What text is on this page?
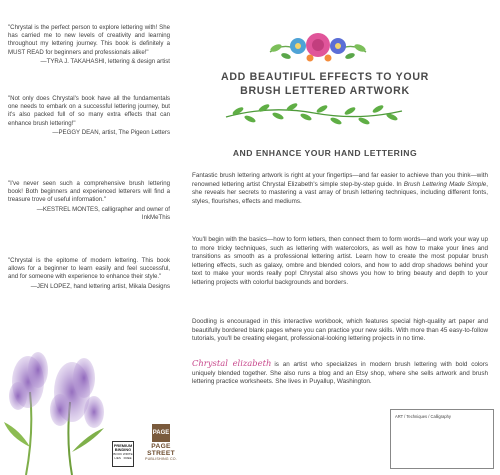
"Chrystal is the perfect person to explore lettering with! She has carried me to new levels of creativity and learning throughout my lettering journey. This book is definitely a MUST READ for beginners and professionals alike!"
—TYRA J. TAKAHASHI, lettering & design artist

"Not only does Chrystal's book have all the fundamentals one needs to embark on a successful lettering journey, but it's also packed full of so many extra effects that can enhance brush lettering!"
—PEGGY DEAN, artist, The Pigeon Letters

"I've never seen such a comprehensive brush lettering book! Both beginners and experienced letterers will find a treasure trove of useful information."
—KESTREL MONTES, calligrapher and owner of InkMeThis

"Chrystal is the epitome of modern lettering. This book allows for a beginner to learn easily and feel successful, and for someone with experience to enhance their style."
—JEN LOPEZ, hand lettering artist, Mikala Designs

PREMIUM
BINDING
BOOK WRITE
LIES FREE
PAGE
PAGE STREET
PUBLISHING CO.
ADD BEAUTIFUL EFFECTS TO YOUR BRUSH LETTERED ARTWORK
AND ENHANCE YOUR HAND LETTERING

Fantastic brush lettering artwork is right at your fingertips—and far easier to achieve than you think—with renowned lettering artist Chrystal Elizabeth's simple step-by-step guide. In Brush Lettering Made Simple, she reveals her secrets to mastering a vast array of brush lettering techniques, including different fonts, styles, flourishes, effects and mediums.

You'll begin with the basics—how to form letters, then connect them to form words—and work your way up to more tricky techniques, such as lettering with watercolors, as well as how to make your lines and transitions as smooth as a professional lettering artist. Learn how to create the most popular brush lettering effects, such as galaxy, ombre and blended colors, and how to add drop shadows behind your text to make your words really pop! Chrystal also shows you how to bring beauty and depth to your lettering projects with colorful backgrounds and borders.

Doodling is encouraged in this interactive workbook, which features special high-quality art paper and beautifully bordered blank pages where you can practice your new skills. With more than 45 easy-to-follow tutorials, you'll be creating elegant, professional-looking lettering projects in no time.

Chrystal elizabeth is an artist who specializes in modern brush lettering with bold colors uniquely blended together. She also runs a blog and an Etsy shop, where she sells artwork and brush lettering practice worksheets. She lives in Puyallup, Washington.

ART / Techniques / Calligraphy
